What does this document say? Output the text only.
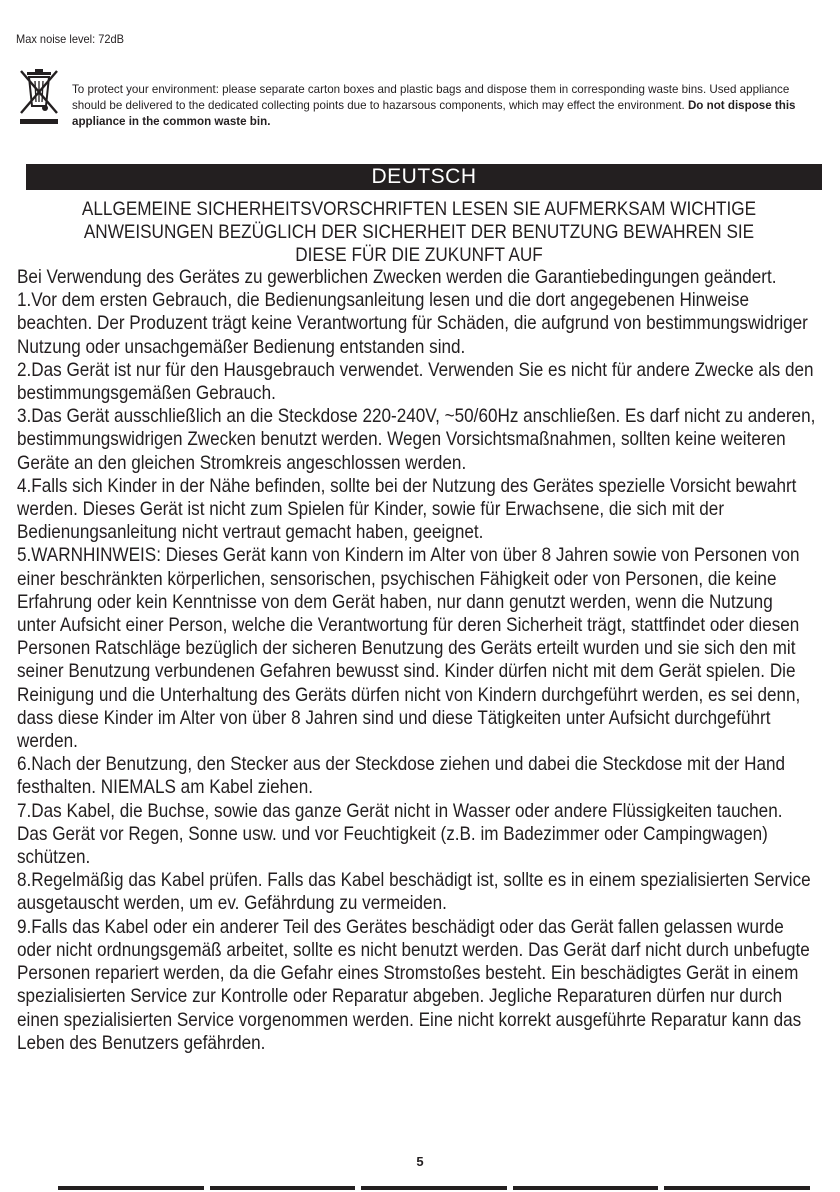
Max noise level: 72dB
To protect your environment: please separate carton boxes and plastic bags and dispose them in corresponding waste bins. Used appliance should be delivered to the dedicated collecting points due to hazarsous components, which may effect the environment. Do not dispose this appliance in the common waste bin.
DEUTSCH
ALLGEMEINE SICHERHEITSVORSCHRIFTEN LESEN SIE AUFMERKSAM WICHTIGE ANWEISUNGEN BEZÜGLICH DER SICHERHEIT DER BENUTZUNG BEWAHREN SIE DIESE FÜR DIE ZUKUNFT AUF

Bei Verwendung des Gerätes zu gewerblichen Zwecken werden die Garantiebedingungen geändert.

1.Vor dem ersten Gebrauch, die Bedienungsanleitung lesen und die dort angegebenen Hinweise beachten. Der Produzent trägt keine Verantwortung für Schäden, die aufgrund von bestimmungswidriger Nutzung oder unsachgemäßer Bedienung entstanden sind.

2.Das Gerät ist nur für den Hausgebrauch verwendet. Verwenden Sie es nicht für andere Zwecke als den bestimmungsgemäßen Gebrauch.

3.Das Gerät ausschließlich an die Steckdose 220-240V, ~50/60Hz anschließen. Es darf nicht zu anderen, bestimmungswidrigen Zwecken benutzt werden. Wegen Vorsichtsmaßnahmen, sollten keine weiteren Geräte an den gleichen Stromkreis angeschlossen werden.

4.Falls sich Kinder in der Nähe befinden, sollte bei der Nutzung des Gerätes spezielle Vorsicht bewahrt werden. Dieses Gerät ist nicht zum Spielen für Kinder, sowie für Erwachsene, die sich mit der Bedienungsanleitung nicht vertraut gemacht haben, geeignet.

5.WARNHINWEIS: Dieses Gerät kann von Kindern im Alter von über 8 Jahren sowie von Personen von einer beschränkten körperlichen, sensorischen, psychischen Fähigkeit oder von Personen, die keine Erfahrung oder kein Kenntnisse von dem Gerät haben, nur dann genutzt werden, wenn die Nutzung unter Aufsicht einer Person, welche die Verantwortung für deren Sicherheit trägt, stattfindet oder diesen Personen Ratschläge bezüglich der sicheren Benutzung des Geräts erteilt wurden und sie sich den mit seiner Benutzung verbundenen Gefahren bewusst sind. Kinder dürfen nicht mit dem Gerät spielen. Die Reinigung und die Unterhaltung des Geräts dürfen nicht von Kindern durchgeführt werden, es sei denn, dass diese Kinder im Alter von über 8 Jahren sind und diese Tätigkeiten unter Aufsicht durchgeführt werden.

6.Nach der Benutzung, den Stecker aus der Steckdose ziehen und dabei die Steckdose mit der Hand festhalten. NIEMALS am Kabel ziehen.

7.Das Kabel, die Buchse, sowie das ganze Gerät nicht in Wasser oder andere Flüssigkeiten tauchen. Das Gerät vor Regen, Sonne usw. und vor Feuchtigkeit (z.B. im Badezimmer oder Campingwagen) schützen.

8.Regelmäßig das Kabel prüfen. Falls das Kabel beschädigt ist, sollte es in einem spezialisierten Service ausgetauscht werden, um ev. Gefährdung zu vermeiden.

9.Falls das Kabel oder ein anderer Teil des Gerätes beschädigt oder das Gerät fallen gelassen wurde oder nicht ordnungsgemäß arbeitet, sollte es nicht benutzt werden. Das Gerät darf nicht durch unbefugte Personen repariert werden, da die Gefahr eines Stromstoßes besteht. Ein beschädigtes Gerät in einem spezialisierten Service zur Kontrolle oder Reparatur abgeben. Jegliche Reparaturen dürfen nur durch einen spezialisierten Service vorgenommen werden. Eine nicht korrekt ausgeführte Reparatur kann das Leben des Benutzers gefährden.

5
